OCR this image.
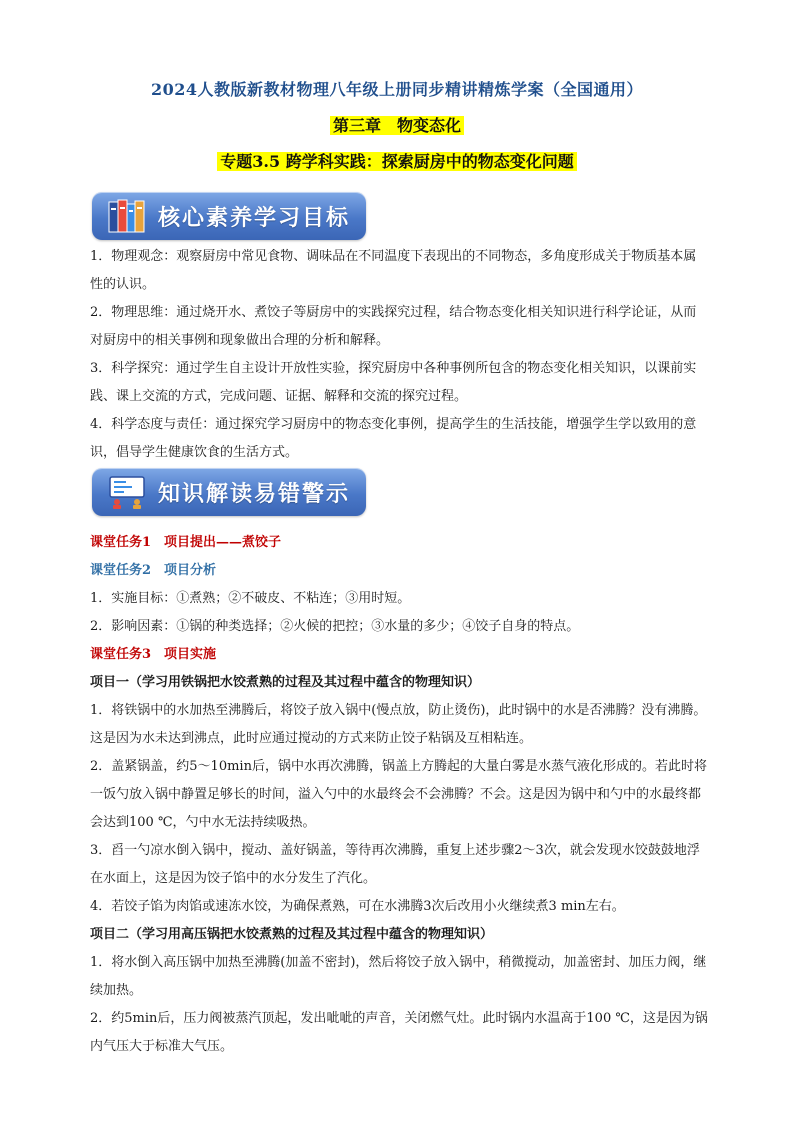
2024人教版新教材物理八年级上册同步精讲精炼学案（全国通用）
第三章　物变态化
专题3.5 跨学科实践：探索厨房中的物态变化问题
核心素养学习目标

1．物理观念：观察厨房中常见食物、调味品在不同温度下表现出的不同物态，多角度形成关于物质基本属性的认识。

2．物理思维：通过烧开水、煮饺子等厨房中的实践探究过程，结合物态变化相关知识进行科学论证，从而对厨房中的相关事例和现象做出合理的分析和解释。

3．科学探究：通过学生自主设计开放性实验，探究厨房中各种事例所包含的物态变化相关知识，以课前实践、课上交流的方式，完成问题、证据、解释和交流的探究过程。

4．科学态度与责任：通过探究学习厨房中的物态变化事例，提高学生的生活技能，增强学生学以致用的意识，倡导学生健康饮食的生活方式。

知识解读易错警示

课堂任务1　项目提出——煮饺子

课堂任务2　项目分析

1．实施目标：①煮熟；②不破皮、不粘连；③用时短。

2．影响因素：①锅的种类选择；②火候的把控；③水量的多少；④饺子自身的特点。

课堂任务3　项目实施

项目一（学习用铁锅把水饺煮熟的过程及其过程中蕴含的物理知识）

1．将铁锅中的水加热至沸腾后，将饺子放入锅中(慢点放，防止烫伤)，此时锅中的水是否沸腾？没有沸腾。这是因为水未达到沸点，此时应通过搅动的方式来防止饺子粘锅及互相粘连。

2．盖紧锅盖，约5～10min后，锅中水再次沸腾，锅盖上方腾起的大量白雾是水蒸气液化形成的。若此时将一饭勺放入锅中静置足够长的时间，溢入勺中的水最终会不会沸腾？不会。这是因为锅中和勺中的水最终都会达到100 ℃，勺中水无法持续吸热。

3．舀一勺凉水倒入锅中，搅动、盖好锅盖，等待再次沸腾，重复上述步骤2～3次，就会发现水饺鼓鼓地浮在水面上，这是因为饺子馅中的水分发生了汽化。

4．若饺子馅为肉馅或速冻水饺，为确保煮熟，可在水沸腾3次后改用小火继续煮3 min左右。

项目二（学习用高压锅把水饺煮熟的过程及其过程中蕴含的物理知识）

1．将水倒入高压锅中加热至沸腾(加盖不密封)，然后将饺子放入锅中，稍微搅动，加盖密封、加压力阀，继续加热。

2．约5min后，压力阀被蒸汽顶起，发出呲呲的声音，关闭燃气灶。此时锅内水温高于100 ℃，这是因为锅内气压大于标准大气压。
